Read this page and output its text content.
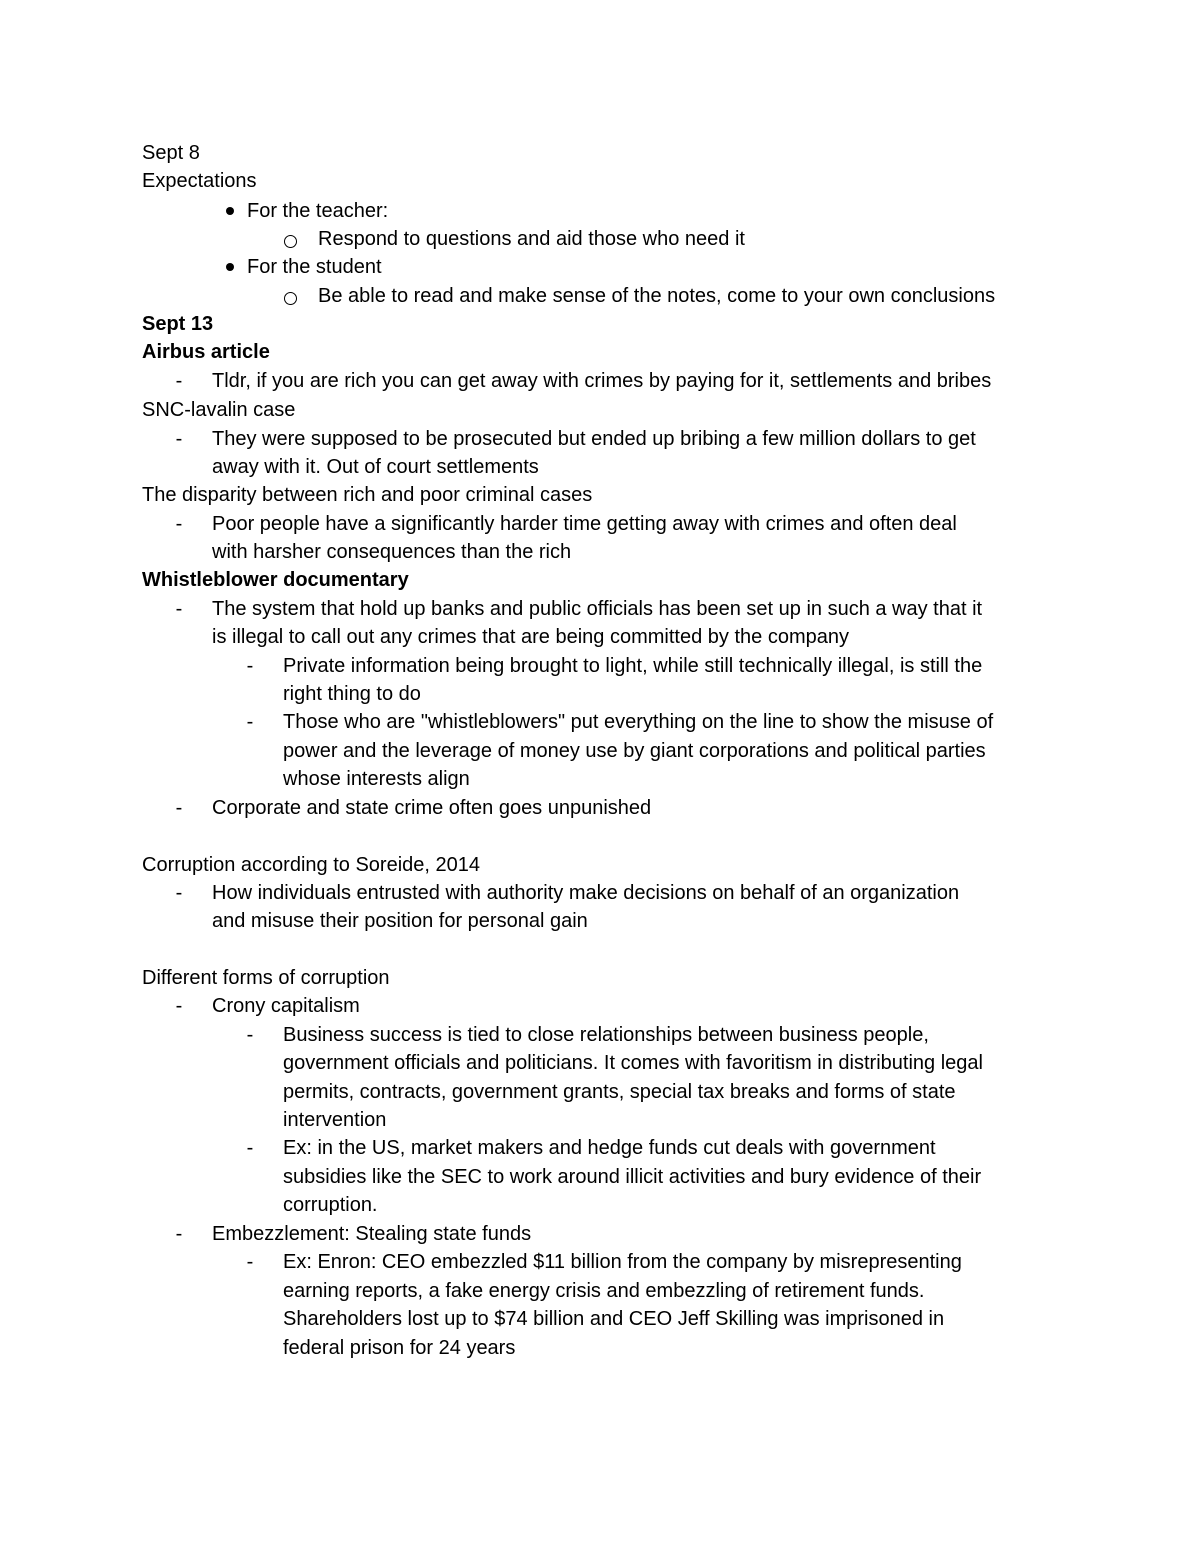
Sept 8
Expectations
For the teacher:
Respond to questions and aid those who need it
For the student
Be able to read and make sense of the notes, come to your own conclusions
Sept 13
Airbus article
- Tldr, if you are rich you can get away with crimes by paying for it, settlements and bribes
SNC-lavalin case
- They were supposed to be prosecuted but ended up bribing a few million dollars to get
away with it. Out of court settlements
The disparity between rich and poor criminal cases
- Poor people have a significantly harder time getting away with crimes and often deal
with harsher consequences than the rich
Whistleblower documentary
- The system that hold up banks and public officials has been set up in such a way that it
is illegal to call out any crimes that are being committed by the company
- Private information being brought to light, while still technically illegal, is still the
right thing to do
- Those who are "whistleblowers" put everything on the line to show the misuse of
power and the leverage of money use by giant corporations and political parties
whose interests align
- Corporate and state crime often goes unpunished
Corruption according to Soreide, 2014
- How individuals entrusted with authority make decisions on behalf of an organization
and misuse their position for personal gain
Different forms of corruption
- Crony capitalism
- Business success is tied to close relationships between business people,
government officials and politicians. It comes with favoritism in distributing legal
permits, contracts, government grants, special tax breaks and forms of state
intervention
- Ex: in the US, market makers and hedge funds cut deals with government
subsidies like the SEC to work around illicit activities and bury evidence of their
corruption.
- Embezzlement: Stealing state funds
- Ex: Enron: CEO embezzled $11 billion from the company by misrepresenting
earning reports, a fake energy crisis and embezzling of retirement funds.
Shareholders lost up to $74 billion and CEO Jeff Skilling was imprisoned in
federal prison for 24 years
